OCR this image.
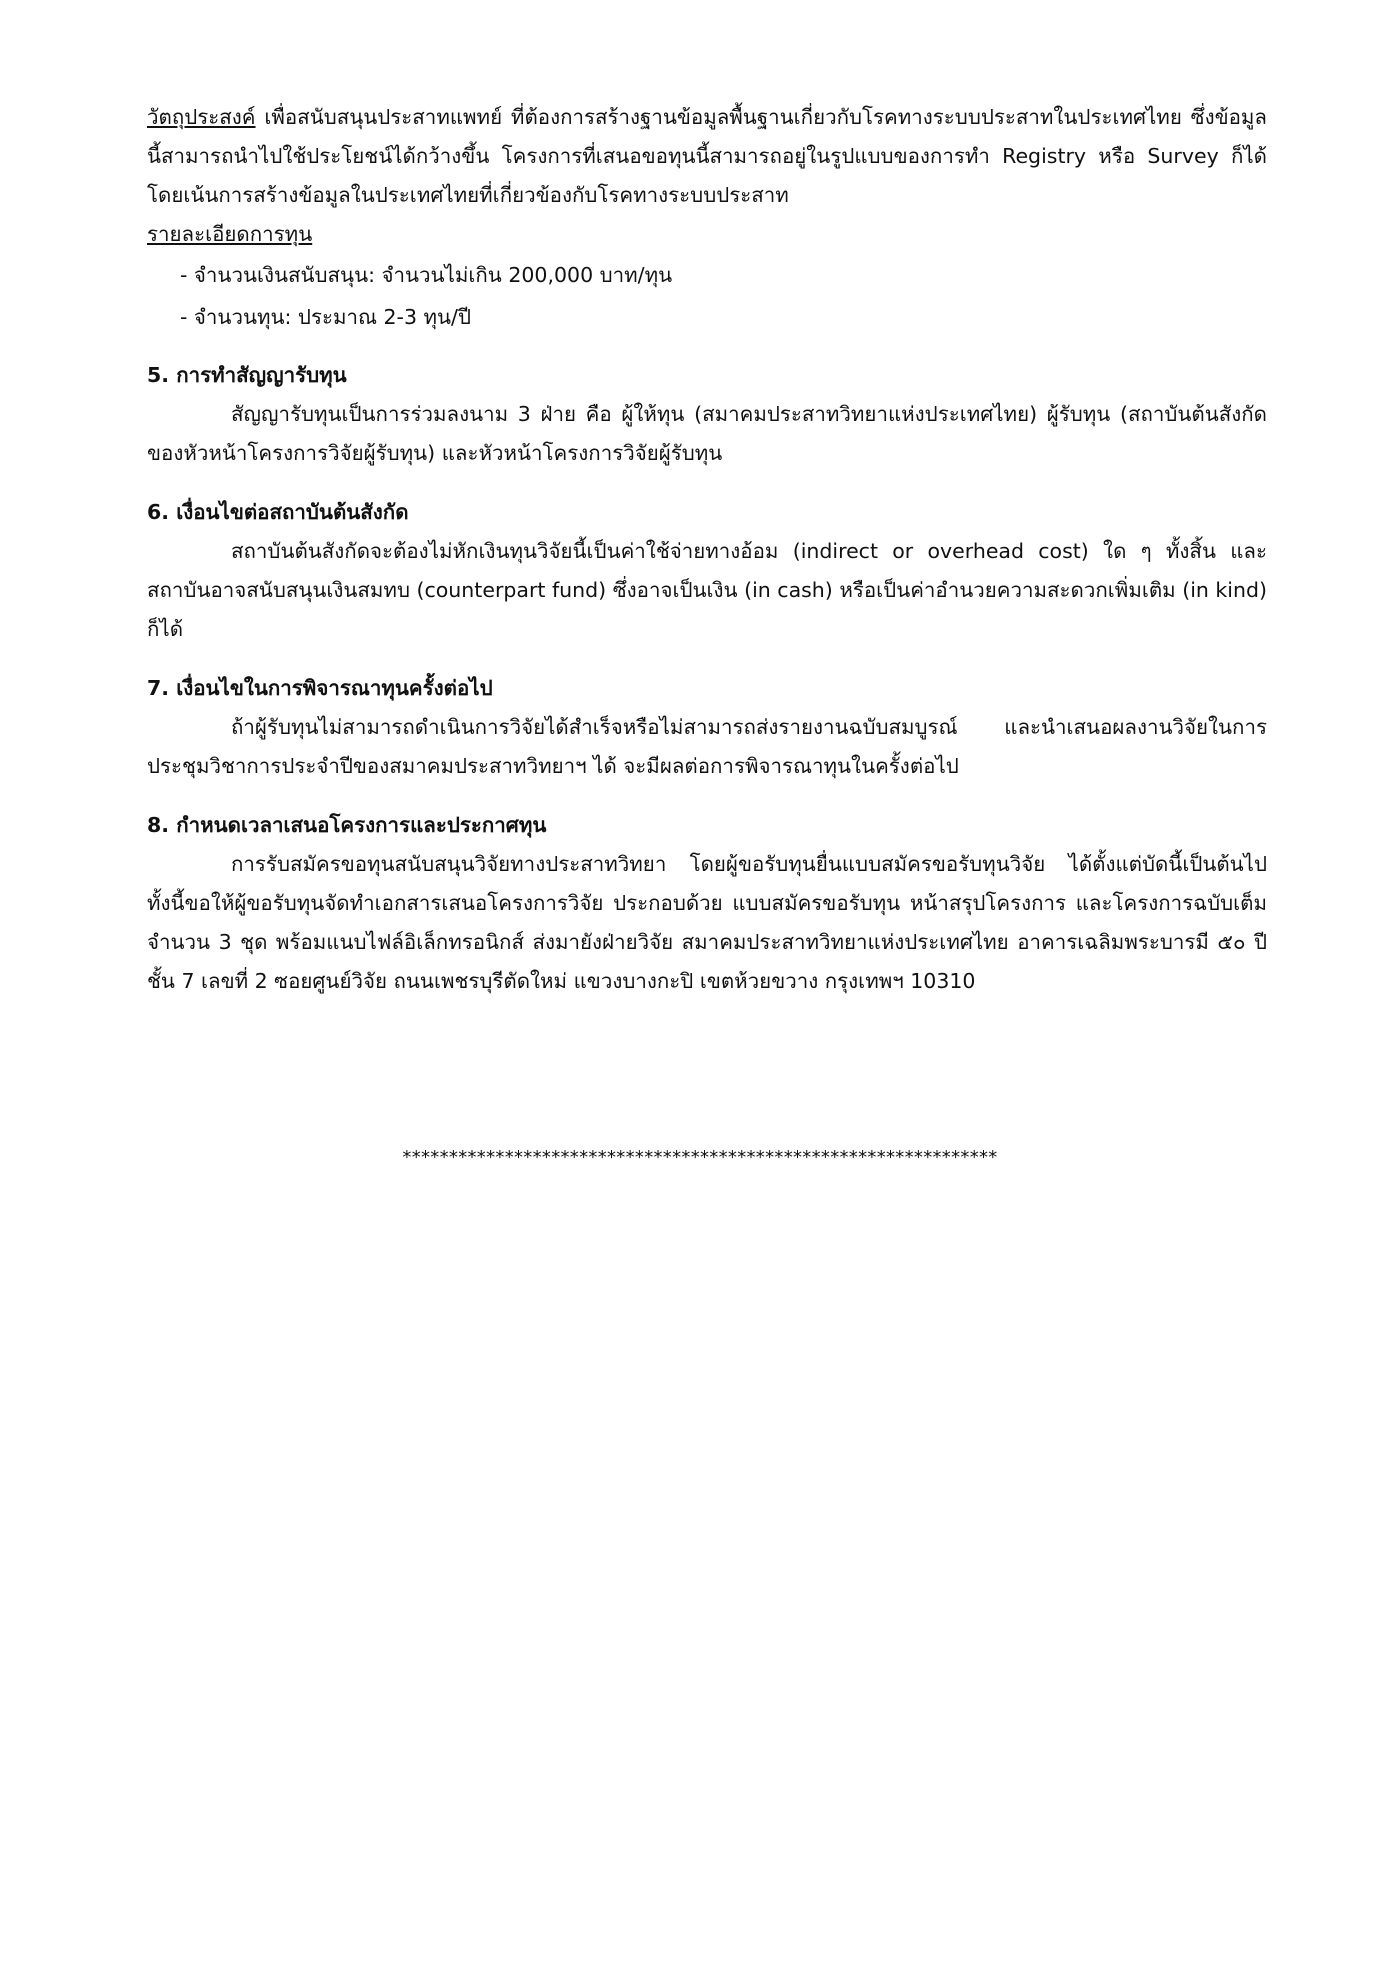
วัตถุประสงค์ เพื่อสนับสนุนประสาทแพทย์ ที่ต้องการสร้างฐานข้อมูลพื้นฐานเกี่ยวกับโรคทางระบบประสาทในประเทศไทย ซึ่งข้อมูลนี้สามารถนำไปใช้ประโยชน์ได้กว้างขึ้น โครงการที่เสนอขอทุนนี้สามารถอยู่ในรูปแบบของการทำ Registry หรือ Survey ก็ได้ โดยเน้นการสร้างข้อมูลในประเทศไทยที่เกี่ยวข้องกับโรคทางระบบประสาท

รายละเอียดการทุน
- จำนวนเงินสนับสนุน: จำนวนไม่เกิน 200,000 บาท/ทุน
- จำนวนทุน: ประมาณ 2-3 ทุน/ปี
5. การทำสัญญารับทุน

สัญญารับทุนเป็นการร่วมลงนาม 3 ฝ่าย คือ ผู้ให้ทุน (สมาคมประสาทวิทยาแห่งประเทศไทย) ผู้รับทุน (สถาบันต้นสังกัดของหัวหน้าโครงการวิจัยผู้รับทุน) และหัวหน้าโครงการวิจัยผู้รับทุน

6. เงื่อนไขต่อสถาบันต้นสังกัด

สถาบันต้นสังกัดจะต้องไม่หักเงินทุนวิจัยนี้เป็นค่าใช้จ่ายทางอ้อม (indirect or overhead cost) ใด ๆ ทั้งสิ้น และสถาบันอาจสนับสนุนเงินสมทบ (counterpart fund) ซึ่งอาจเป็นเงิน (in cash) หรือเป็นค่าอำนวยความสะดวกเพิ่มเติม (in kind) ก็ได้

7. เงื่อนไขในการพิจารณาทุนครั้งต่อไป

ถ้าผู้รับทุนไม่สามารถดำเนินการวิจัยได้สำเร็จหรือไม่สามารถส่งรายงานฉบับสมบูรณ์ และนำเสนอผลงานวิจัยในการประชุมวิชาการประจำปีของสมาคมประสาทวิทยาฯ ได้ จะมีผลต่อการพิจารณาทุนในครั้งต่อไป

8. กำหนดเวลาเสนอโครงการและประกาศทุน

การรับสมัครขอทุนสนับสนุนวิจัยทางประสาทวิทยา โดยผู้ขอรับทุนยื่นแบบสมัครขอรับทุนวิจัย ได้ตั้งแต่บัดนี้เป็นต้นไป ทั้งนี้ขอให้ผู้ขอรับทุนจัดทำเอกสารเสนอโครงการวิจัย ประกอบด้วย แบบสมัครขอรับทุน หน้าสรุปโครงการ และโครงการฉบับเต็ม จำนวน 3 ชุด พร้อมแนบไฟล์อิเล็กทรอนิกส์ ส่งมายังฝ่ายวิจัย สมาคมประสาทวิทยาแห่งประเทศไทย อาคารเฉลิมพระบารมี ๕๐ ปี ชั้น 7 เลขที่ 2 ซอยศูนย์วิจัย ถนนเพชรบุรีตัดใหม่ แขวงบางกะปิ เขตห้วยขวาง กรุงเทพฯ 10310

****************************************************************
